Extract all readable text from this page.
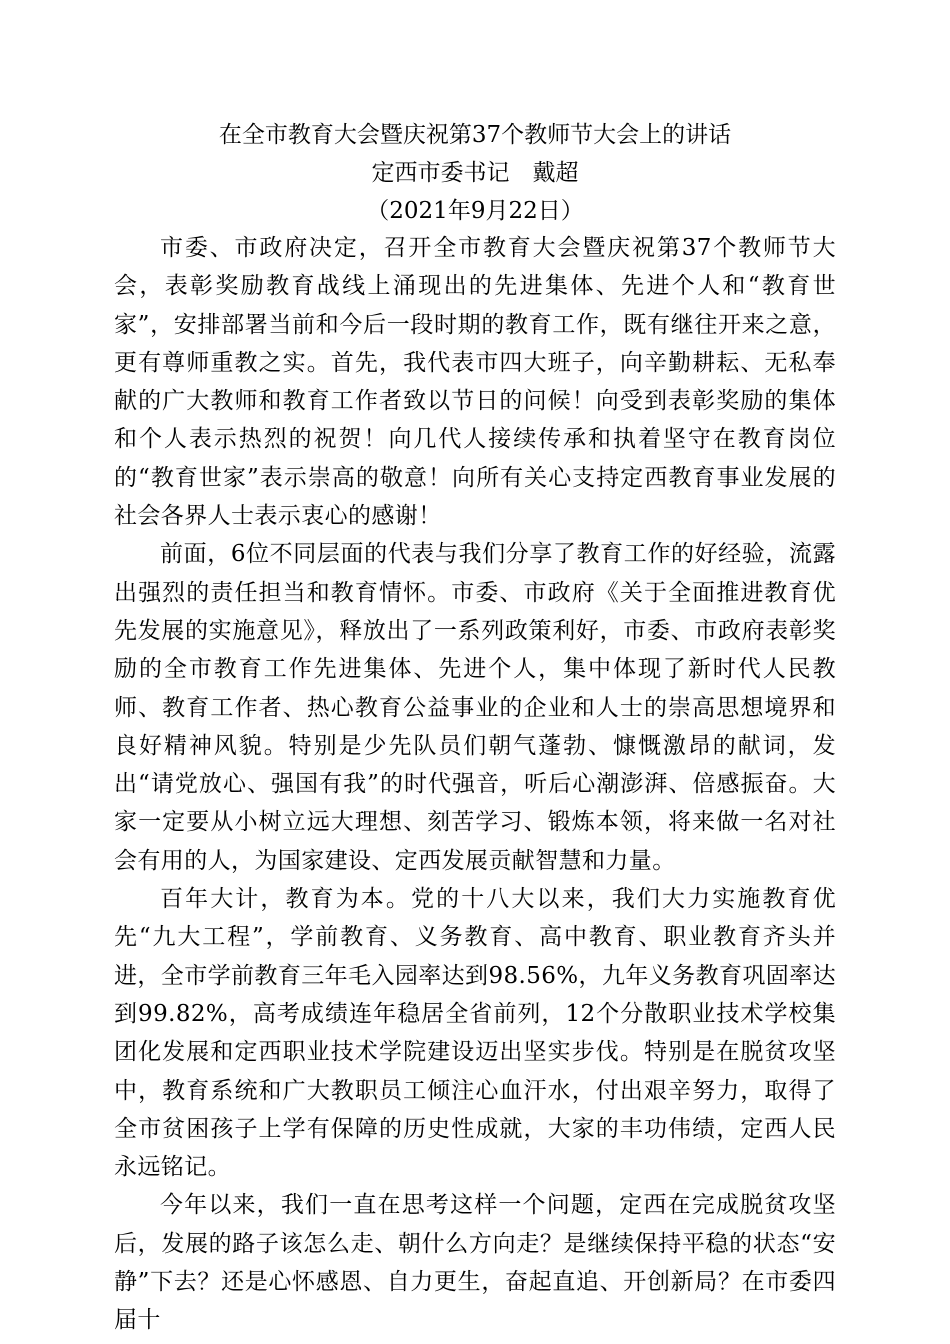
在全市教育大会暨庆祝第37个教师节大会上的讲话
定西市委书记　戴超
（2021年9月22日）

市委、市政府决定，召开全市教育大会暨庆祝第37个教师节大会，表彰奖励教育战线上涌现出的先进集体、先进个人和“教育世家”，安排部署当前和今后一段时期的教育工作，既有继往开来之意，更有尊师重教之实。首先，我代表市四大班子，向辛勤耕耘、无私奉献的广大教师和教育工作者致以节日的问候！向受到表彰奖励的集体和个人表示热烈的祝贺！向几代人接续传承和执着坚守在教育岗位的“教育世家”表示崇高的敬意！向所有关心支持定西教育事业发展的社会各界人士表示衷心的感谢！

前面，6位不同层面的代表与我们分享了教育工作的好经验，流露出强烈的责任担当和教育情怀。市委、市政府《关于全面推进教育优先发展的实施意见》，释放出了一系列政策利好，市委、市政府表彰奖励的全市教育工作先进集体、先进个人，集中体现了新时代人民教师、教育工作者、热心教育公益事业的企业和人士的崇高思想境界和良好精神风貌。特别是少先队员们朝气蓬勃、慷慨激昂的献词，发出“请党放心、强国有我”的时代强音，听后心潮澎湃、倍感振奋。大家一定要从小树立远大理想、刻苦学习、锻炼本领，将来做一名对社会有用的人，为国家建设、定西发展贡献智慧和力量。

百年大计，教育为本。党的十八大以来，我们大力实施教育优先“九大工程”，学前教育、义务教育、高中教育、职业教育齐头并进，全市学前教育三年毛入园率达到98.56%，九年义务教育巩固率达到99.82%，高考成绩连年稳居全省前列，12个分散职业技术学校集团化发展和定西职业技术学院建设迈出坚实步伐。特别是在脱贫攻坚中，教育系统和广大教职员工倾注心血汗水，付出艰辛努力，取得了全市贫困孩子上学有保障的历史性成就，大家的丰功伟绩，定西人民永远铭记。

今年以来，我们一直在思考这样一个问题，定西在完成脱贫攻坚后，发展的路子该怎么走、朝什么方向走？是继续保持平稳的状态“安静”下去？还是心怀感恩、自力更生，奋起直追、开创新局？在市委四届十
